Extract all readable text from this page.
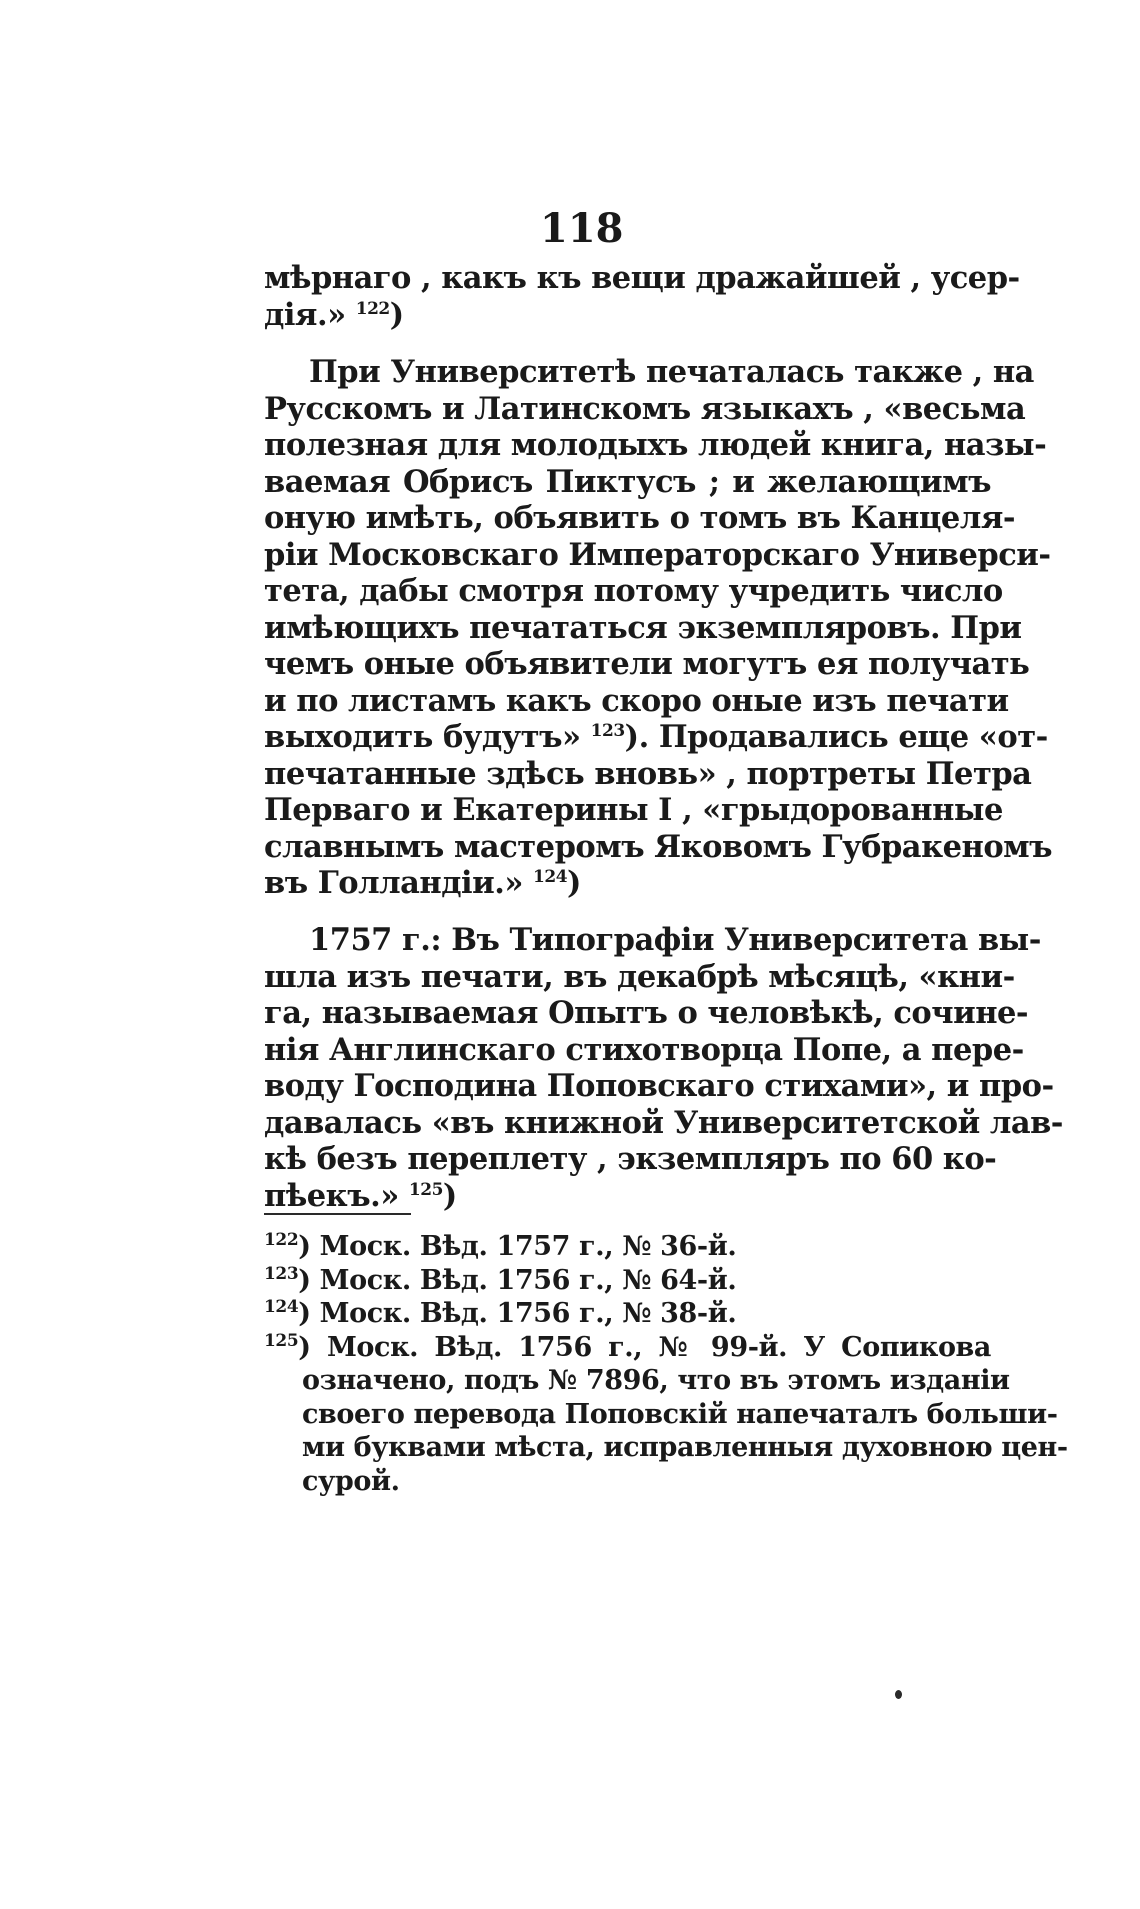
118
мѣрнаго , какъ къ вещи дражайшей , усер-
дія.» $^{122}$)
При Университетѣ печаталась также , на
Русскомъ и Латинскомъ языкахъ , «весьма
полезная для молодыхъ людей книга, назы-
ваемая Обрисъ Пиктусъ ; и желающимъ
оную имѣть, объявить о томъ въ Канцеля-
ріи Московскаго Императорскаго Универси-
тета, дабы смотря потому учредить число
имѣющихъ печататься экземпляровъ. При
чемъ оные объявители могутъ ея получать
и по листамъ какъ скоро оные изъ печати
выходить будутъ» $^{123}$). Продавались еще «от-
печатанные здѣсь вновь» , портреты Петра
Перваго и Екатерины I , «грыдорованные
славнымъ мастеромъ Яковомъ Губракеномъ
въ Голландіи.» $^{124}$)
1757 г.: Въ Типографіи Университета вы-
шла изъ печати, въ декабрѣ мѣсяцѣ, «кни-
га, называемая Опытъ о человѣкѣ, сочине-
нія Англинскаго стихотворца Попе, а пере-
воду Господина Поповскаго стихами», и про-
давалась «въ книжной Университетской лав-
кѣ безъ переплету , экземпляръ по 60 ко-
пѣекъ.» $^{125}$)
$^{122}$) Моск. Вѣд. 1757 г., № 36-й.
$^{123}$) Моск. Вѣд. 1756 г., № 64-й.
$^{124}$) Моск. Вѣд. 1756 г., № 38-й.
$^{125}$) Моск. Вѣд. 1756 г., № 99-й. У Сопикова
означено, подъ № 7896, что въ этомъ изданіи
своего перевода Поповскій напечаталъ больши-
ми буквами мѣста, исправленныя духовною цен-
сурой.
